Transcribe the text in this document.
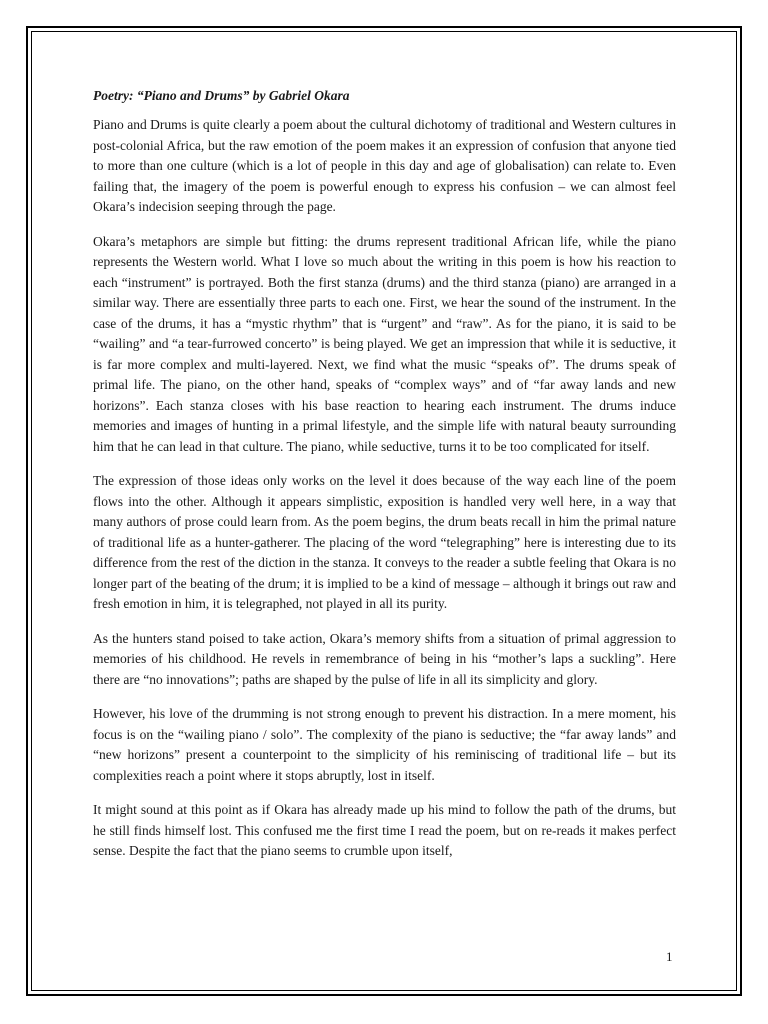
Poetry: “Piano and Drums” by Gabriel Okara

Piano and Drums is quite clearly a poem about the cultural dichotomy of traditional and Western cultures in post-colonial Africa, but the raw emotion of the poem makes it an expression of confusion that anyone tied to more than one culture (which is a lot of people in this day and age of globalisation) can relate to. Even failing that, the imagery of the poem is powerful enough to express his confusion – we can almost feel Okara’s indecision seeping through the page.

Okara’s metaphors are simple but fitting: the drums represent traditional African life, while the piano represents the Western world. What I love so much about the writing in this poem is how his reaction to each “instrument” is portrayed. Both the first stanza (drums) and the third stanza (piano) are arranged in a similar way. There are essentially three parts to each one. First, we hear the sound of the instrument. In the case of the drums, it has a “mystic rhythm” that is “urgent” and “raw”. As for the piano, it is said to be “wailing” and “a tear-furrowed concerto” is being played. We get an impression that while it is seductive, it is far more complex and multi-layered. Next, we find what the music “speaks of”. The drums speak of primal life. The piano, on the other hand, speaks of “complex ways” and of “far away lands and new horizons”. Each stanza closes with his base reaction to hearing each instrument. The drums induce memories and images of hunting in a primal lifestyle, and the simple life with natural beauty surrounding him that he can lead in that culture. The piano, while seductive, turns it to be too complicated for itself.

The expression of those ideas only works on the level it does because of the way each line of the poem flows into the other. Although it appears simplistic, exposition is handled very well here, in a way that many authors of prose could learn from. As the poem begins, the drum beats recall in him the primal nature of traditional life as a hunter-gatherer. The placing of the word “telegraphing” here is interesting due to its difference from the rest of the diction in the stanza. It conveys to the reader a subtle feeling that Okara is no longer part of the beating of the drum; it is implied to be a kind of message – although it brings out raw and fresh emotion in him, it is telegraphed, not played in all its purity.

As the hunters stand poised to take action, Okara’s memory shifts from a situation of primal aggression to memories of his childhood. He revels in remembrance of being in his “mother’s laps a suckling”. Here there are “no innovations”; paths are shaped by the pulse of life in all its simplicity and glory.

However, his love of the drumming is not strong enough to prevent his distraction. In a mere moment, his focus is on the “wailing piano / solo”. The complexity of the piano is seductive; the “far away lands” and “new horizons” present a counterpoint to the simplicity of his reminiscing of traditional life – but its complexities reach a point where it stops abruptly, lost in itself.

It might sound at this point as if Okara has already made up his mind to follow the path of the drums, but he still finds himself lost. This confused me the first time I read the poem, but on re-reads it makes perfect sense. Despite the fact that the piano seems to crumble upon itself,

1
